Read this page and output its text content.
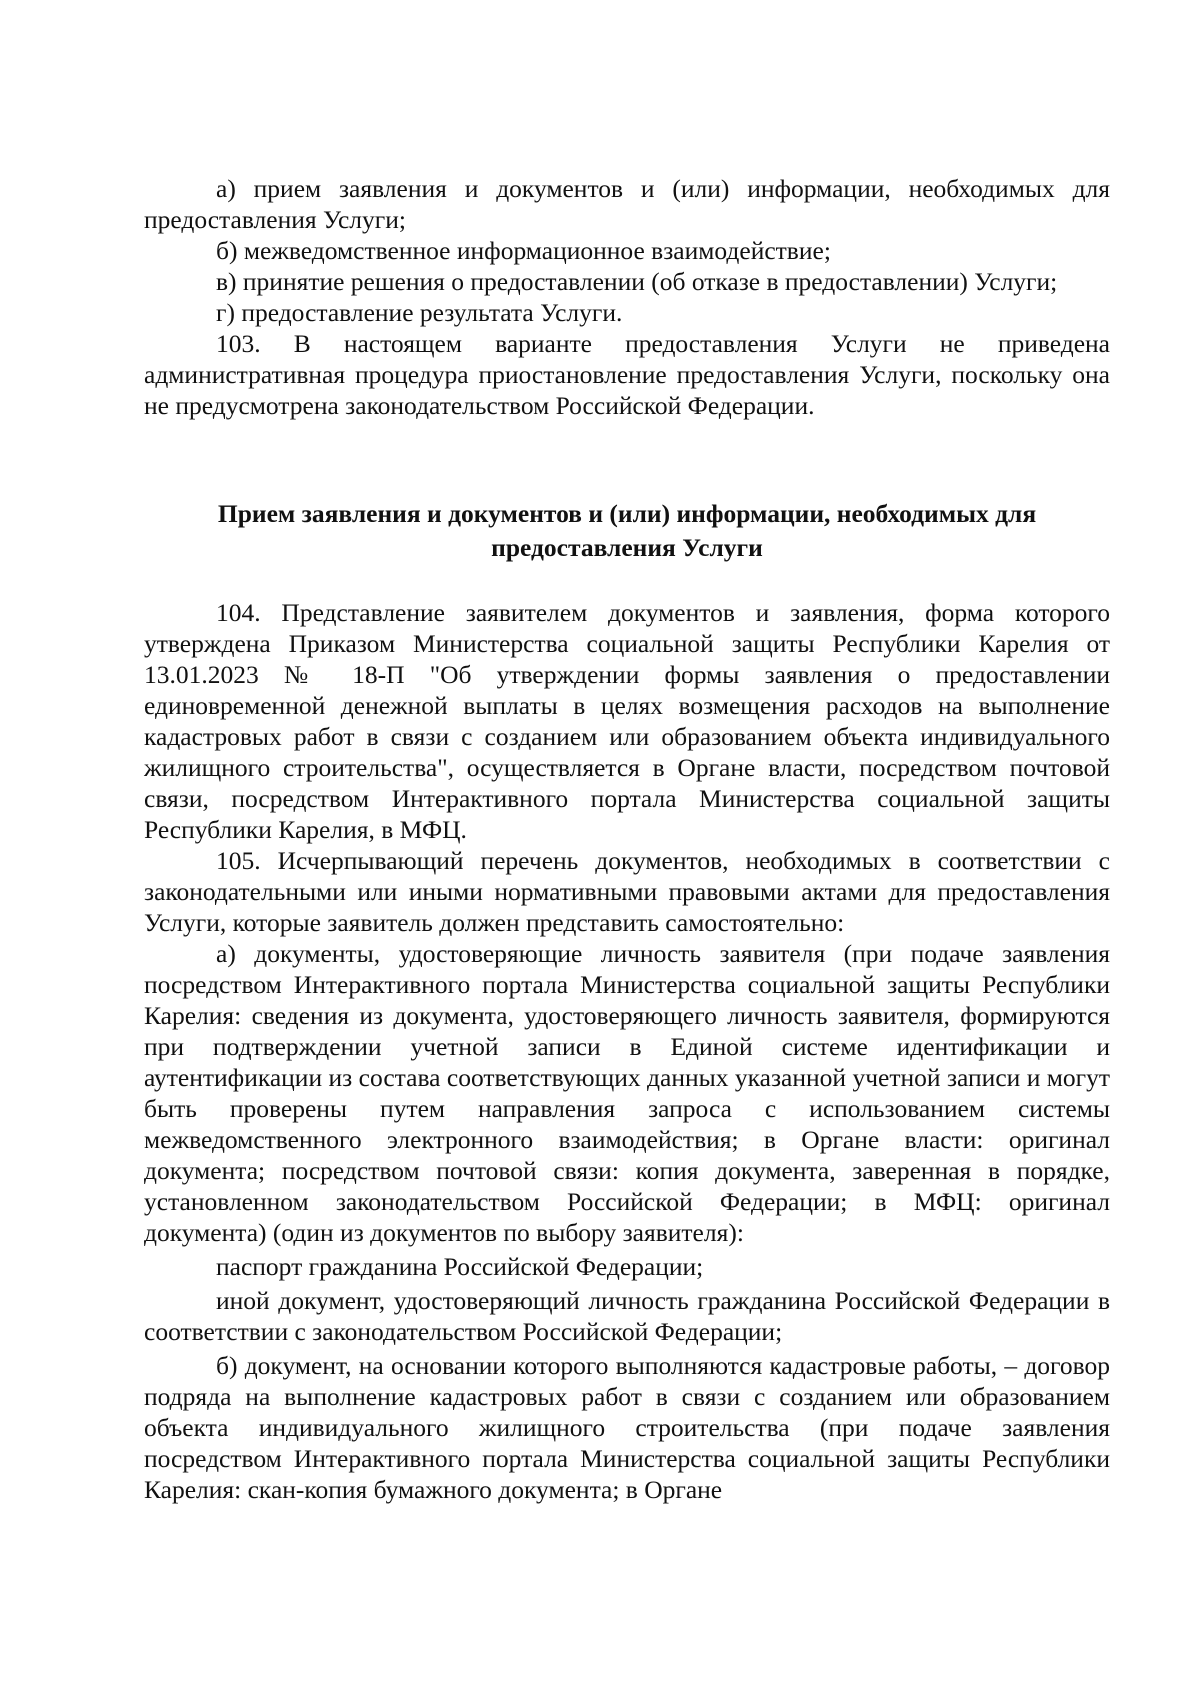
а) прием заявления и документов и (или) информации, необходимых для предоставления Услуги;

б) межведомственное информационное взаимодействие;

в) принятие решения о предоставлении (об отказе в предоставлении) Услуги;

г) предоставление результата Услуги.

103. В настоящем варианте предоставления Услуги не приведена административная процедура приостановление предоставления Услуги, поскольку она не предусмотрена законодательством Российской Федерации.

Прием заявления и документов и (или) информации, необходимых для предоставления Услуги

104. Представление заявителем документов и заявления, форма которого утверждена Приказом Министерства социальной защиты Республики Карелия от 13.01.2023 № 18-П "Об утверждении формы заявления о предоставлении единовременной денежной выплаты в целях возмещения расходов на выполнение кадастровых работ в связи с созданием или образованием объекта индивидуального жилищного строительства", осуществляется в Органе власти, посредством почтовой связи, посредством Интерактивного портала Министерства социальной защиты Республики Карелия, в МФЦ.

105. Исчерпывающий перечень документов, необходимых в соответствии с законодательными или иными нормативными правовыми актами для предоставления Услуги, которые заявитель должен представить самостоятельно:

а) документы, удостоверяющие личность заявителя (при подаче заявления посредством Интерактивного портала Министерства социальной защиты Республики Карелия: сведения из документа, удостоверяющего личность заявителя, формируются при подтверждении учетной записи в Единой системе идентификации и аутентификации из состава соответствующих данных указанной учетной записи и могут быть проверены путем направления запроса с использованием системы межведомственного электронного взаимодействия; в Органе власти: оригинал документа; посредством почтовой связи: копия документа, заверенная в порядке, установленном законодательством Российской Федерации; в МФЦ: оригинал документа) (один из документов по выбору заявителя):

паспорт гражданина Российской Федерации;

иной документ, удостоверяющий личность гражданина Российской Федерации в соответствии с законодательством Российской Федерации;

б) документ, на основании которого выполняются кадастровые работы, – договор подряда на выполнение кадастровых работ в связи с созданием или образованием объекта индивидуального жилищного строительства (при подаче заявления посредством Интерактивного портала Министерства социальной защиты Республики Карелия: скан-копия бумажного документа; в Органе
